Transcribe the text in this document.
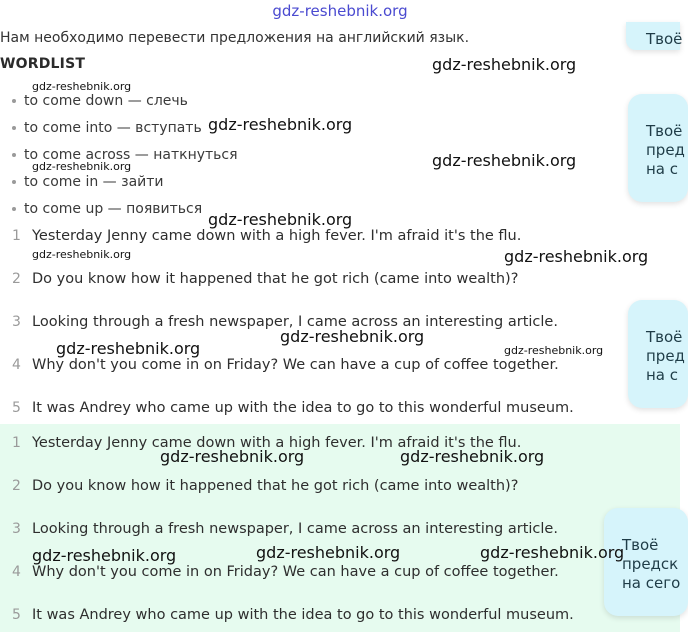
gdz-reshebnik.org
Нам необходимо перевести предложения на английский язык.
WORDLIST
to come down — слечь
to come into — вступать
to come across — наткнуться
to come in — зайти
to come up — появиться
1 Yesterday Jenny came down with a high fever. I'm afraid it's the flu.
2 Do you know how it happened that he got rich (came into wealth)?
3 Looking through a fresh newspaper, I came across an interesting article.
4 Why don't you come in on Friday? We can have a cup of coffee together.
5 It was Andrey who came up with the idea to go to this wonderful museum.
1 Yesterday Jenny came down with a high fever. I'm afraid it's the flu.
2 Do you know how it happened that he got rich (came into wealth)?
3 Looking through a fresh newspaper, I came across an interesting article.
4 Why don't you come in on Friday? We can have a cup of coffee together.
5 It was Andrey who came up with the idea to go to this wonderful museum.
Твоё
Твоё
пред
на с
Твоё
пред
на с
Твоё
предск
на сего
gdz-reshebnik.org
gdz-reshebnik.org
gdz-reshebnik.org
gdz-reshebnik.org
gdz-reshebnik.org
gdz-reshebnik.org
gdz-reshebnik.org	gdz-reshebnik.org
gdz-reshebnik.org
gdz-reshebnik.org	gdz-reshebnik.org
gdz-reshebnik.org	gdz-reshebnik.org
gdz-reshebnik.org	gdz-reshebnik.org	gdz-reshebnik.org
